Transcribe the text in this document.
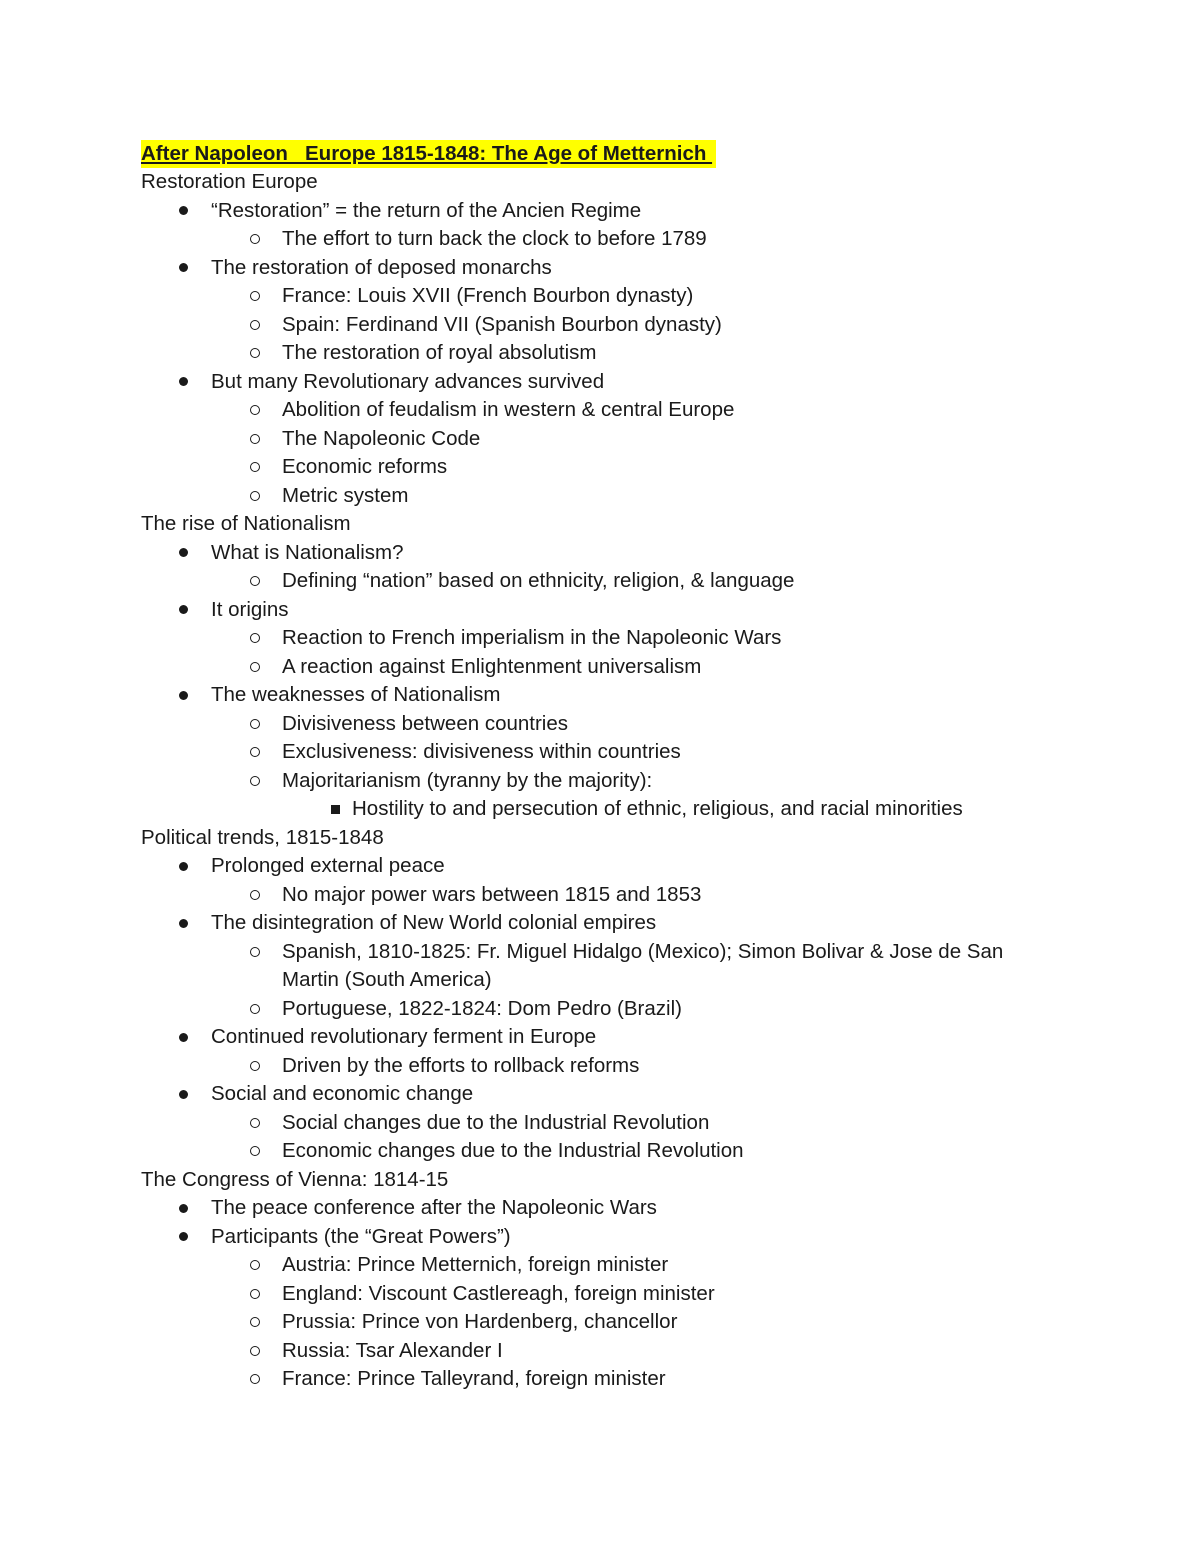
After Napoleon   Europe 1815-1848: The Age of Metternich
Restoration Europe
“Restoration” = the return of the Ancien Regime
The effort to turn back the clock to before 1789
The restoration of deposed monarchs
France: Louis XVII (French Bourbon dynasty)
Spain: Ferdinand VII (Spanish Bourbon dynasty)
The restoration of royal absolutism
But many Revolutionary advances survived
Abolition of feudalism in western & central Europe
The Napoleonic Code
Economic reforms
Metric system
The rise of Nationalism
What is Nationalism?
Defining “nation” based on ethnicity, religion, & language
It origins
Reaction to French imperialism in the Napoleonic Wars
A reaction against Enlightenment universalism
The weaknesses of Nationalism
Divisiveness between countries
Exclusiveness: divisiveness within countries
Majoritarianism (tyranny by the majority):
Hostility to and persecution of ethnic, religious, and racial minorities
Political trends, 1815-1848
Prolonged external peace
No major power wars between 1815 and 1853
The disintegration of New World colonial empires
Spanish, 1810-1825: Fr. Miguel Hidalgo (Mexico); Simon Bolivar & Jose de San Martin (South America)
Portuguese, 1822-1824: Dom Pedro (Brazil)
Continued revolutionary ferment in Europe
Driven by the efforts to rollback reforms
Social and economic change
Social changes due to the Industrial Revolution
Economic changes due to the Industrial Revolution
The Congress of Vienna: 1814-15
The peace conference after the Napoleonic Wars
Participants (the “Great Powers”)
Austria: Prince Metternich, foreign minister
England: Viscount Castlereagh, foreign minister
Prussia: Prince von Hardenberg, chancellor
Russia: Tsar Alexander I
France: Prince Talleyrand, foreign minister
